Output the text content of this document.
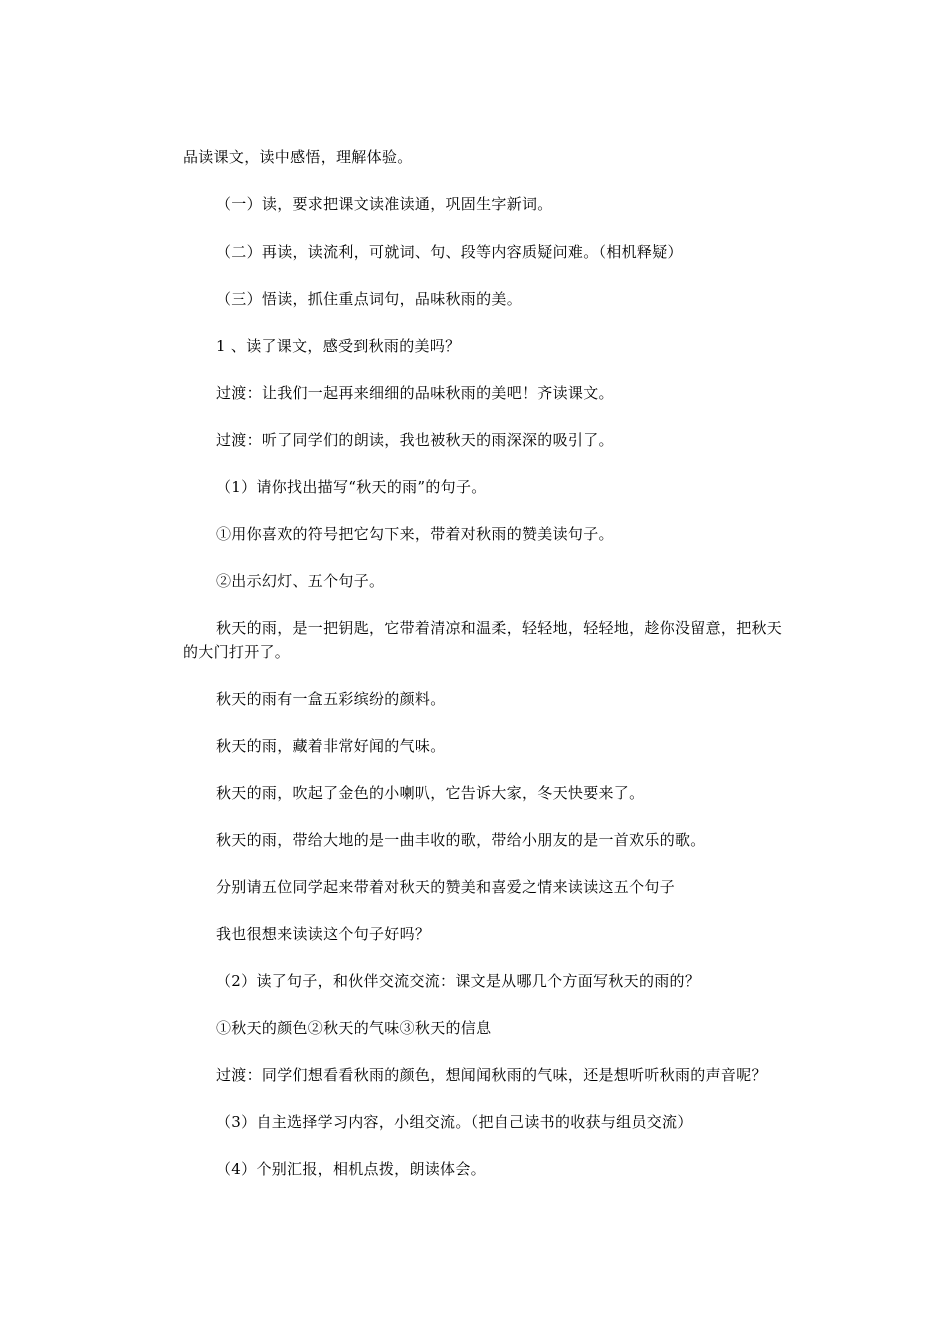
品读课文，读中感悟，理解体验。
（一）读，要求把课文读准读通，巩固生字新词。
（二）再读，读流利，可就词、句、段等内容质疑问难。（相机释疑）
（三）悟读，抓住重点词句，品味秋雨的美。
1 、读了课文，感受到秋雨的美吗？
过渡：让我们一起再来细细的品味秋雨的美吧！齐读课文。
过渡：听了同学们的朗读，我也被秋天的雨深深的吸引了。
（1）请你找出描写“秋天的雨”的句子。
①用你喜欢的符号把它勾下来，带着对秋雨的赞美读句子。
②出示幻灯、五个句子。
秋天的雨，是一把钥匙，它带着清凉和温柔，轻轻地，轻轻地，趁你没留意，把秋天
的大门打开了。
秋天的雨有一盒五彩缤纷的颜料。
秋天的雨，藏着非常好闻的气味。
秋天的雨，吹起了金色的小喇叭，它告诉大家，冬天快要来了。
秋天的雨，带给大地的是一曲丰收的歌，带给小朋友的是一首欢乐的歌。
分别请五位同学起来带着对秋天的赞美和喜爱之情来读读这五个句子
我也很想来读读这个句子好吗？
（2）读了句子，和伙伴交流交流：课文是从哪几个方面写秋天的雨的？
①秋天的颜色②秋天的气味③秋天的信息
过渡：同学们想看看秋雨的颜色，想闻闻秋雨的气味，还是想听听秋雨的声音呢？
（3）自主选择学习内容，小组交流。（把自己读书的收获与组员交流）
（4）个别汇报，相机点拨，朗读体会。
